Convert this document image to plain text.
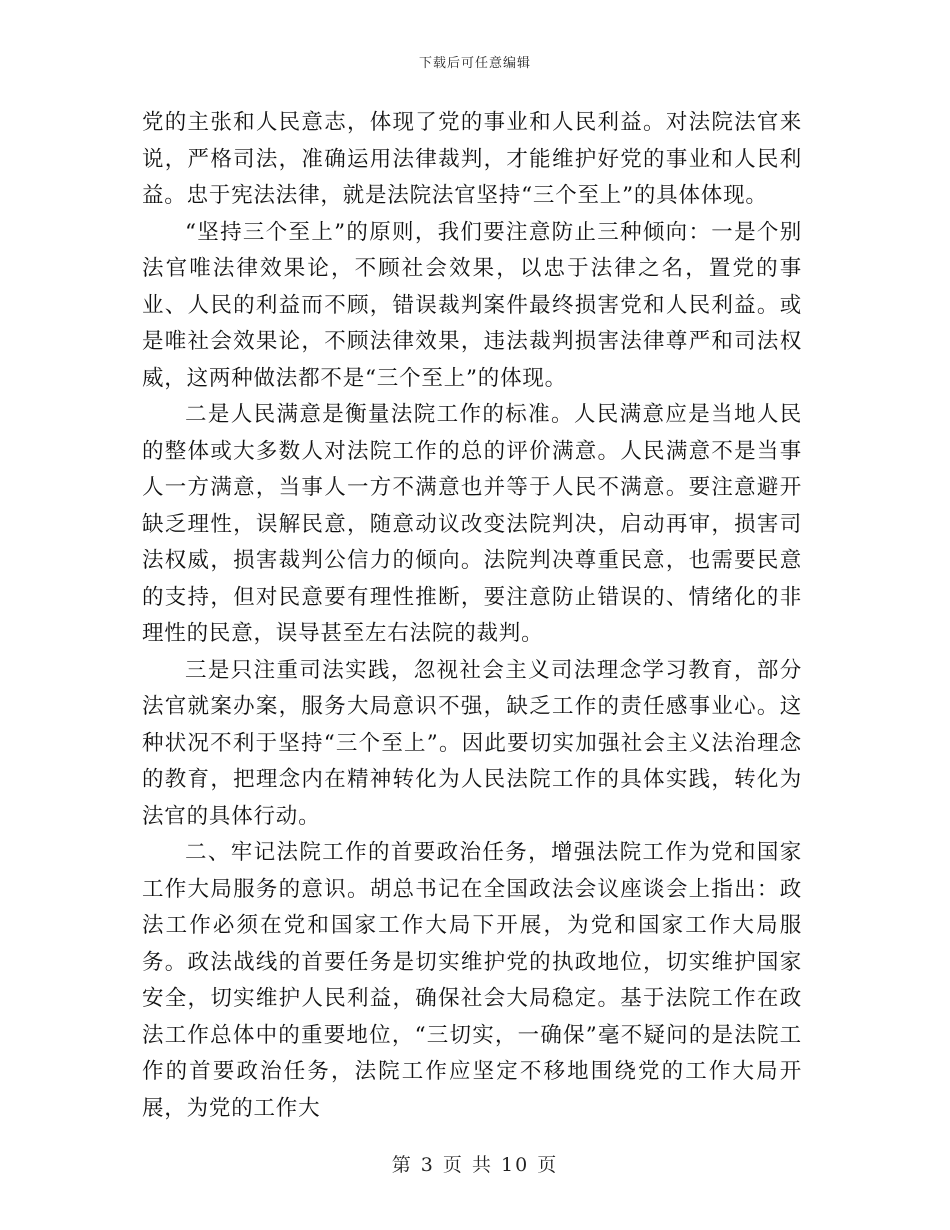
下载后可任意编辑

党的主张和人民意志，体现了党的事业和人民利益。对法院法官来说，严格司法，准确运用法律裁判，才能维护好党的事业和人民利益。忠于宪法法律，就是法院法官坚持“三个至上”的具体体现。

“坚持三个至上”的原则，我们要注意防止三种倾向：一是个别法官唯法律效果论，不顾社会效果，以忠于法律之名，置党的事业、人民的利益而不顾，错误裁判案件最终损害党和人民利益。或是唯社会效果论，不顾法律效果，违法裁判损害法律尊严和司法权威，这两种做法都不是“三个至上”的体现。

二是人民满意是衡量法院工作的标准。人民满意应是当地人民的整体或大多数人对法院工作的总的评价满意。人民满意不是当事人一方满意，当事人一方不满意也并等于人民不满意。要注意避开缺乏理性，误解民意，随意动议改变法院判决，启动再审，损害司法权威，损害裁判公信力的倾向。法院判决尊重民意，也需要民意的支持，但对民意要有理性推断，要注意防止错误的、情绪化的非理性的民意，误导甚至左右法院的裁判。

三是只注重司法实践，忽视社会主义司法理念学习教育，部分法官就案办案，服务大局意识不强，缺乏工作的责任感事业心。这种状况不利于坚持“三个至上”。因此要切实加强社会主义法治理念的教育，把理念内在精神转化为人民法院工作的具体实践，转化为法官的具体行动。

二、牢记法院工作的首要政治任务，增强法院工作为党和国家工作大局服务的意识。胡总书记在全国政法会议座谈会上指出：政法工作必须在党和国家工作大局下开展，为党和国家工作大局服务。政法战线的首要任务是切实维护党的执政地位，切实维护国家安全，切实维护人民利益，确保社会大局稳定。基于法院工作在政法工作总体中的重要地位，“三切实，一确保”毫不疑问的是法院工作的首要政治任务，法院工作应坚定不移地围绕党的工作大局开展，为党的工作大

第 3 页 共 10 页
